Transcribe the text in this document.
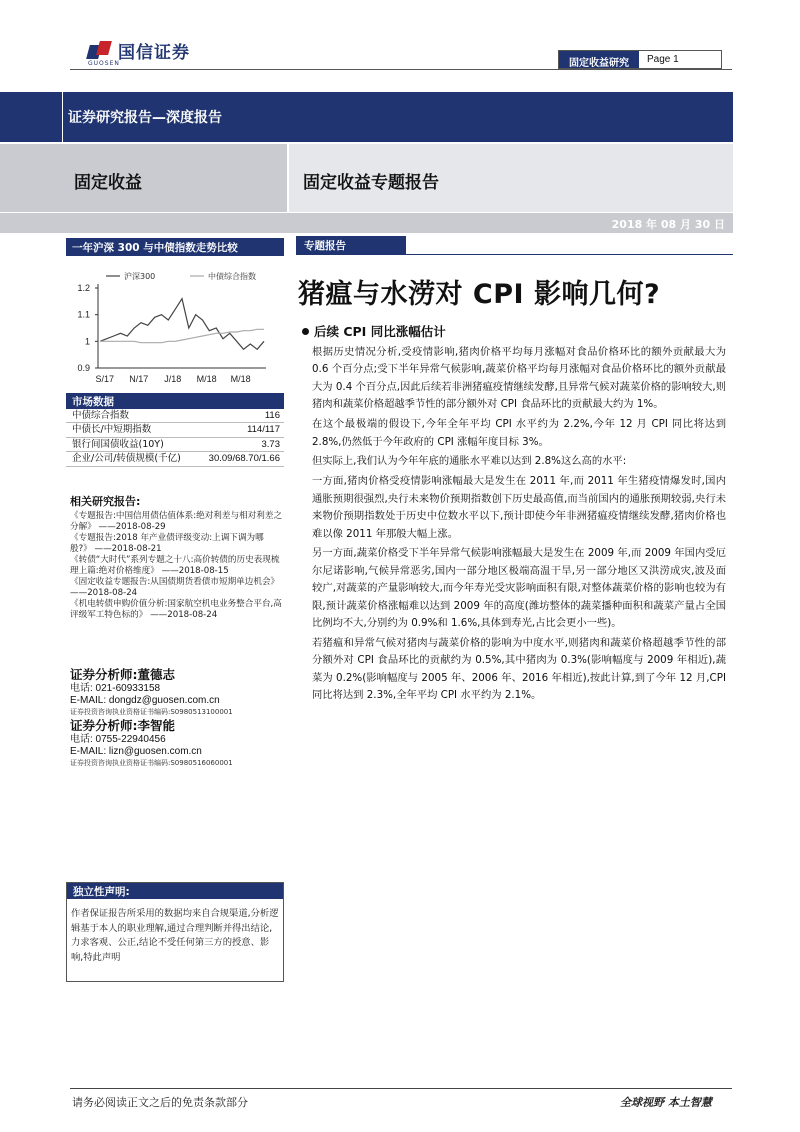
国信证券
GUOSEN	固定收益研究	Page 1
证券研究报告—深度报告
固定收益	固定收益专题报告
2018 年 08 月 30 日
一年沪深 300 与中债指数走势比较
1.2
1.1
1
0.9
S/17 N/17 J/18 M/18 M/18
沪深300	中债综合指数
市场数据
中债综合指数	116
中债长/中短期指数	114/117
银行间国债收益(10Y)	3.73
企业/公司/转债规模(千亿)	30.09/68.70/1.66
相关研究报告:
《专题报告:中国信用债估值体系:绝对利差与相对利差之分解》 ——2018-08-29
《专题报告:2018 年产业债评级变动:上调下调为哪般?》 ——2018-08-21
《转债“大时代”系列专题之十八:高价转债的历史表现梳理上篇:绝对价格维度》 ——2018-08-15
《固定收益专题报告:从国债期货看债市短期单边机会》 ——2018-08-24
《机电转债申购价值分析:国家航空机电业务整合平台,高评级军工特色标的》 ——2018-08-24
证券分析师:董德志
电话: 021-60933158
E-MAIL: dongdz@guosen.com.cn
证券投资咨询执业资格证书编码:S0980513100001
证券分析师:李智能
电话: 0755-22940456
E-MAIL: lizn@guosen.com.cn
证券投资咨询执业资格证书编码:S0980516060001
独立性声明:
作者保证报告所采用的数据均来自合规渠道,分析逻辑基于本人的职业理解,通过合理判断并得出结论,力求客观、公正,结论不受任何第三方的授意、影响,特此声明
专题报告
猪瘟与水涝对 CPI 影响几何?
后续 CPI 同比涨幅估计

根据历史情况分析,受疫情影响,猪肉价格平均每月涨幅对食品价格环比的额外贡献最大为 0.6 个百分点;受下半年异常气候影响,蔬菜价格平均每月涨幅对食品价格环比的额外贡献最大为 0.4 个百分点,因此后续若非洲猪瘟疫情继续发酵,且异常气候对蔬菜价格的影响较大,则猪肉和蔬菜价格超越季节性的部分额外对 CPI 食品环比的贡献最大约为 1%。

在这个最极端的假设下,今年全年平均 CPI 水平约为 2.2%,今年 12 月 CPI 同比将达到 2.8%,仍然低于今年政府的 CPI 涨幅年度目标 3%。

但实际上,我们认为今年年底的通胀水平难以达到 2.8%这么高的水平:

一方面,猪肉价格受疫情影响涨幅最大是发生在 2011 年,而 2011 年生猪疫情爆发时,国内通胀预期很强烈,央行未来物价预期指数创下历史最高值,而当前国内的通胀预期较弱,央行未来物价预期指数处于历史中位数水平以下,预计即使今年非洲猪瘟疫情继续发酵,猪肉价格也难以像 2011 年那般大幅上涨。

另一方面,蔬菜价格受下半年异常气候影响涨幅最大是发生在 2009 年,而 2009 年国内受厄尔尼诺影响,气候异常恶劣,国内一部分地区极端高温干旱,另一部分地区又洪涝成灾,波及面较广,对蔬菜的产量影响较大,而今年寿光受灾影响面积有限,对整体蔬菜价格的影响也较为有限,预计蔬菜价格涨幅难以达到 2009 年的高度(潍坊整体的蔬菜播种面积和蔬菜产量占全国比例均不大,分别约为 0.9%和 1.6%,具体到寿光,占比会更小一些)。

若猪瘟和异常气候对猪肉与蔬菜价格的影响为中度水平,则猪肉和蔬菜价格超越季节性的部分额外对 CPI 食品环比的贡献约为 0.5%,其中猪肉为 0.3%(影响幅度与 2009 年相近),蔬菜为 0.2%(影响幅度与 2005 年、2006 年、2016 年相近),按此计算,到了今年 12 月,CPI 同比将达到 2.3%,全年平均 CPI 水平约为 2.1%。

请务必阅读正文之后的免责条款部分	全球视野 本土智慧
